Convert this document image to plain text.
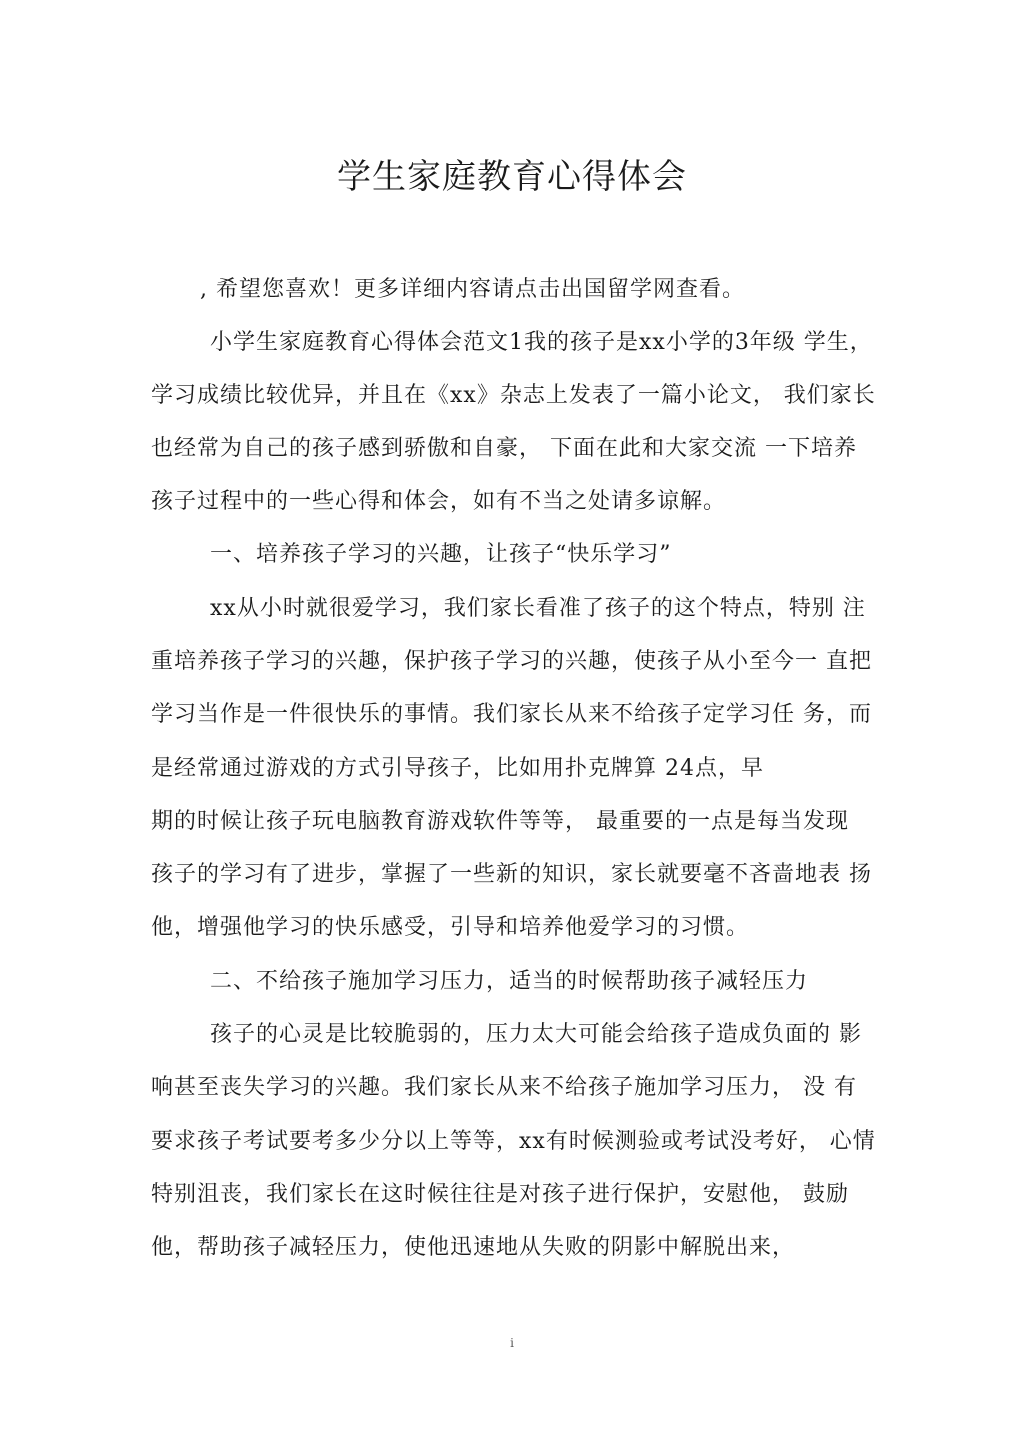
学生家庭教育心得体会
, 希望您喜欢！更多详细内容请点击出国留学网查看。
小学生家庭教育心得体会范文1我的孩子是xx小学的3年级 学生，
学习成绩比较优异，并且在《xx》杂志上发表了一篇小论文， 我们家长
也经常为自己的孩子感到骄傲和自豪， 下面在此和大家交流 一下培养
孩子过程中的一些心得和体会，如有不当之处请多谅解。
一、培养孩子学习的兴趣，让孩子“快乐学习”
xx从小时就很爱学习，我们家长看准了孩子的这个特点，特别 注
重培养孩子学习的兴趣，保护孩子学习的兴趣，使孩子从小至今一 直把
学习当作是一件很快乐的事情。我们家长从来不给孩子定学习任 务，而
是经常通过游戏的方式引导孩子，比如用扑克牌算 24点，早
期的时候让孩子玩电脑教育游戏软件等等， 最重要的一点是每当发现
孩子的学习有了进步，掌握了一些新的知识，家长就要毫不吝啬地表 扬
他，增强他学习的快乐感受，引导和培养他爱学习的习惯。
二、不给孩子施加学习压力，适当的时候帮助孩子减轻压力
孩子的心灵是比较脆弱的，压力太大可能会给孩子造成负面的 影
响甚至丧失学习的兴趣。我们家长从来不给孩子施加学习压力， 没 有
要求孩子考试要考多少分以上等等，xx有时候测验或考试没考好， 心情
特别沮丧，我们家长在这时候往往是对孩子进行保护，安慰他， 鼓励
他，帮助孩子减轻压力，使他迅速地从失败的阴影中解脱出来，
i
